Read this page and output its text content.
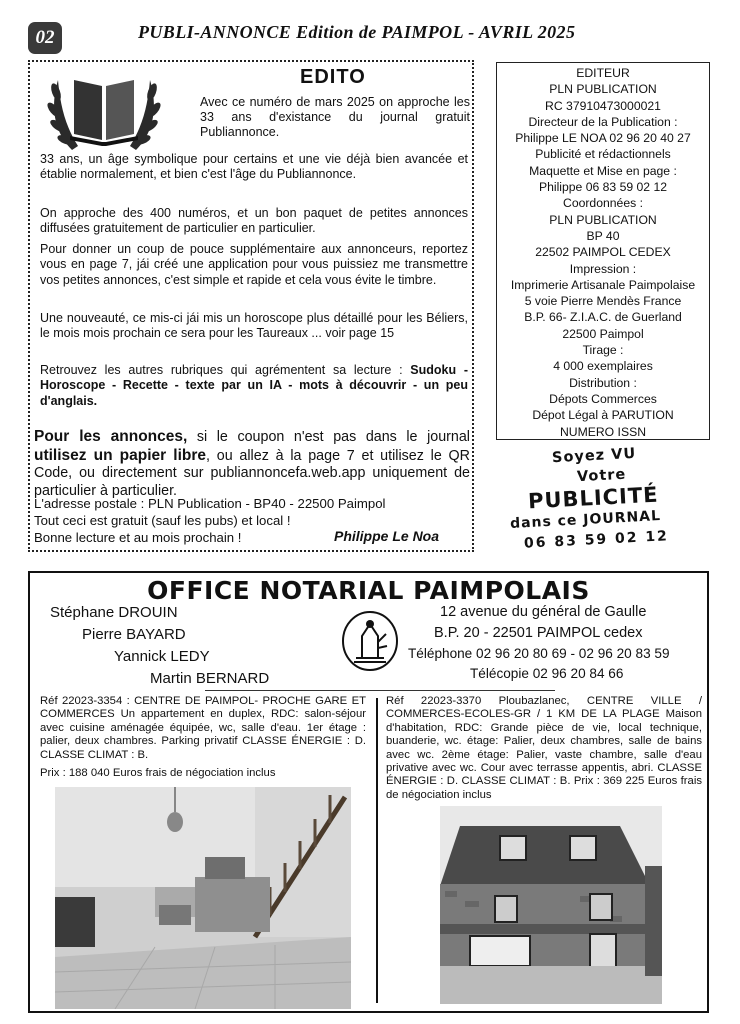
02	PUBLI-ANNONCE Edition de PAIMPOL - AVRIL 2025
EDITO
Avec ce numéro de mars 2025 on approche les 33 ans d'existance du journal gratuit Publiannonce.

33 ans, un âge symbolique pour certains et une vie déjà bien avancée et établie normalement, et bien c'est l'âge du Publiannonce.

On approche des 400 numéros, et un bon paquet de petites annonces diffusées gratuitement de particulier en particulier.

Pour donner un coup de pouce supplémentaire aux annonceurs, reportez vous en page 7, jái créé une application pour vous puissiez me transmettre vos petites annonces, c'est simple et rapide et cela vous évite le timbre.

Une nouveauté, ce mis-ci jái mis un horoscope plus détaillé pour les Béliers, le mois mois prochain ce sera pour les Taureaux ... voir page 15

Retrouvez les autres rubriques qui agrémentent sa lecture : Sudoku - Horoscope - Recette - texte par un IA - mots à découvrir - un peu d'anglais.

Pour les annonces, si le coupon n'est pas dans le journal utilisez un papier libre, ou allez à la page 7 et utilisez le QR Code, ou directement sur publiannoncefa.web.app uniquement de particulier à particulier.
L'adresse postale : PLN Publication - BP40 - 22500 Paimpol
Tout ceci est gratuit (sauf les pubs) et local !
Bonne lecture et au mois prochain !	Philippe Le Noa
EDITEUR
PLN PUBLICATION
RC 37910473000021
Directeur de la Publication :
Philippe LE NOA 02 96 20 40 27
Publicité et rédactionnels
Maquette et Mise en page :
Philippe 06 83 59 02 12
Coordonnées :
PLN PUBLICATION
BP 40
22502 PAIMPOL CEDEX
Impression :
Imprimerie Artisanale Paimpolaise
5 voie Pierre Mendès France
B.P. 66- Z.I.A.C. de Guerland
22500 Paimpol
Tirage :
4 000 exemplaires
Distribution :
Dépots Commerces
Dépot Légal à PARUTION
NUMERO ISSN
Soyez VU
Votre
PUBLICITÉ
dans ce JOURNAL
06 83 59 02 12
OFFICE NOTARIAL PAIMPOLAIS
Stéphane DROUIN
Pierre BAYARD
Yannick LEDY
Martin BERNARD
12 avenue du général de Gaulle
B.P. 20 - 22501 PAIMPOL cedex
Téléphone 02 96 20 80 69 - 02 96 20 83 59
Télécopie 02 96 20 84 66

Réf 22023-3354 : CENTRE DE PAIMPOL- PROCHE GARE ET COMMERCES Un appartement en duplex, RDC: salon-séjour avec cuisine aménagée équipée, wc, salle d'eau. 1er étage : palier, deux chambres. Parking privatif CLASSE ÉNERGIE : D. CLASSE CLIMAT : B.

Prix : 188 040 Euros frais de négociation inclus

Réf 22023-3370 Ploubazlanec, CENTRE VILLE / COMMERCES-ECOLES-GR / 1 KM DE LA PLAGE Maison d'habitation, RDC: Grande pièce de vie, local technique, buanderie, wc. étage: Palier, deux chambres, salle de bains avec wc. 2ème étage: Palier, vaste chambre, salle d'eau privative avec wc. Cour avec terrasse appentis, abri. CLASSE ÉNERGIE : D. CLASSE CLIMAT : B. Prix : 369 225 Euros frais de négociation inclus
